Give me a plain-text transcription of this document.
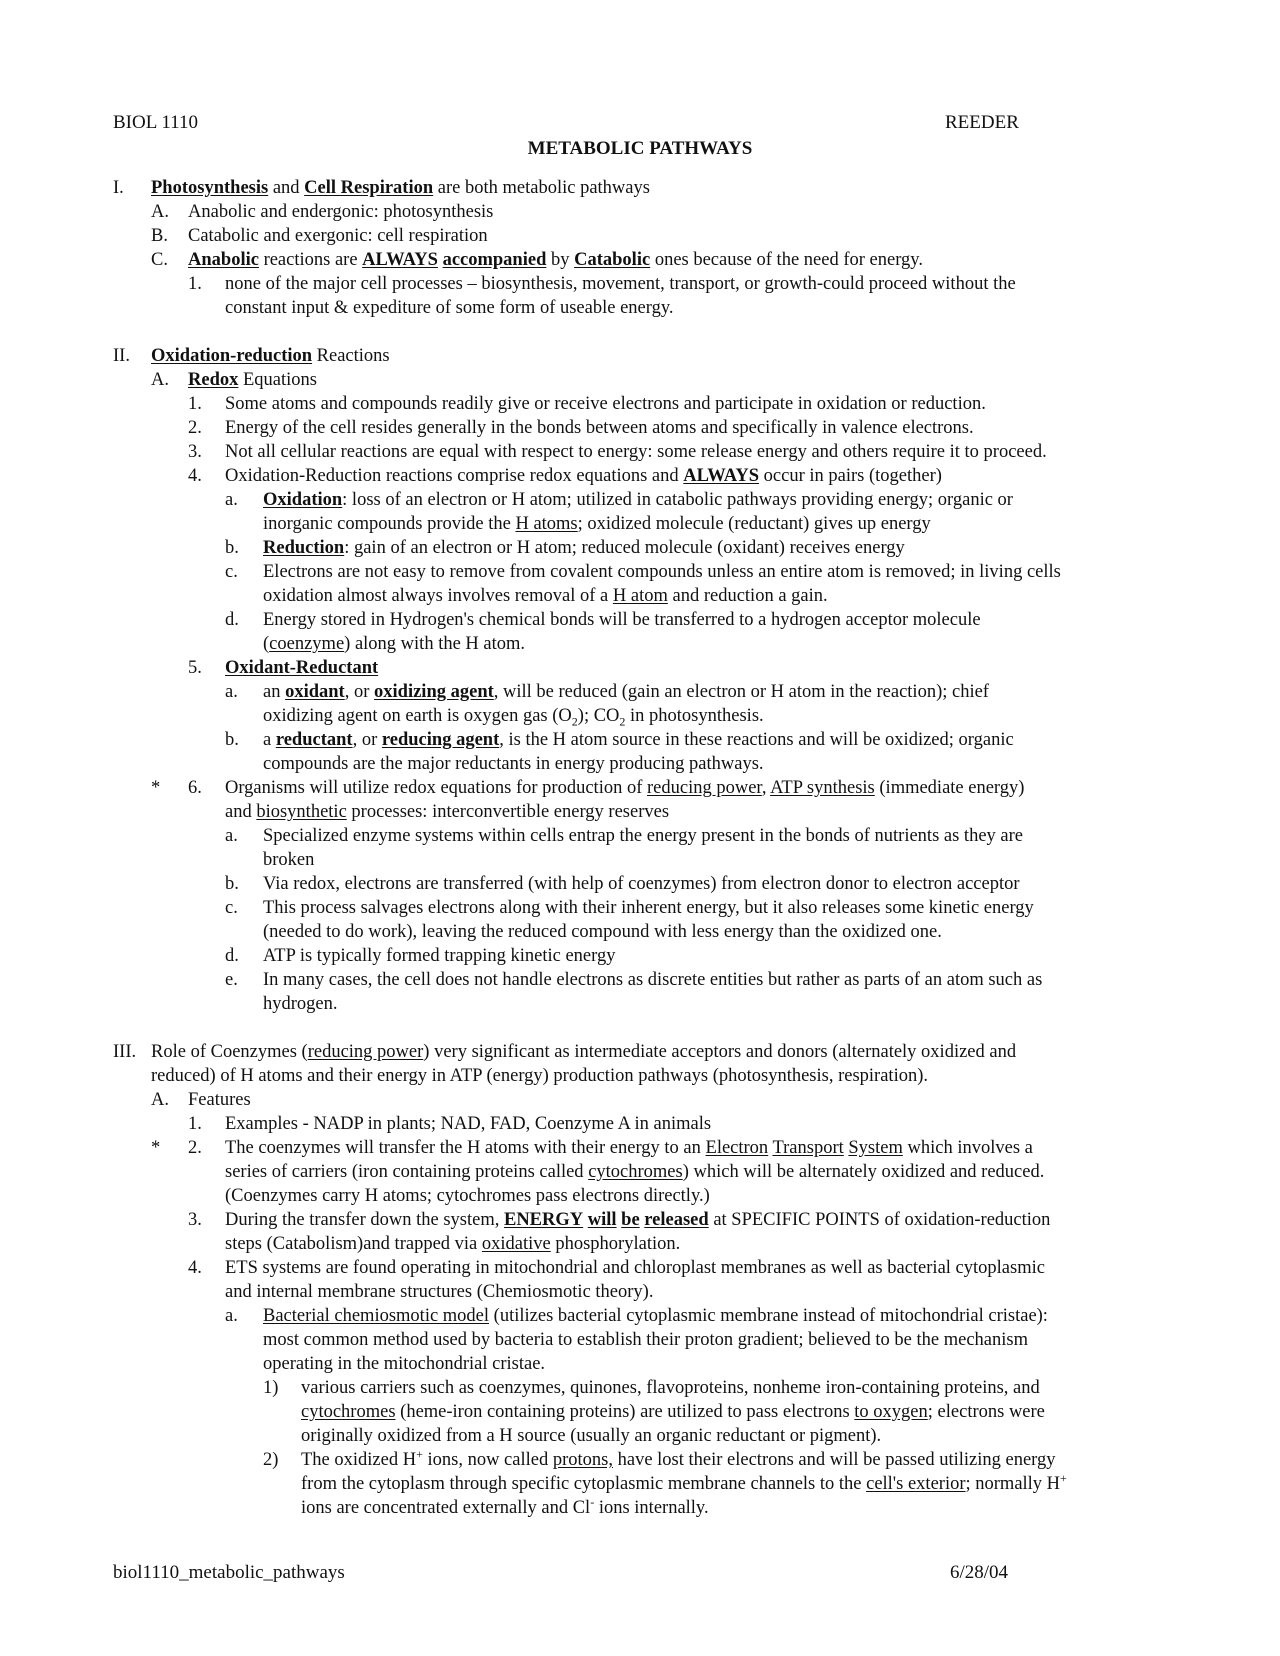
BIOL 1110	REEDER
METABOLIC PATHWAYS
I. Photosynthesis and Cell Respiration are both metabolic pathways
A. Anabolic and endergonic: photosynthesis
B. Catabolic and exergonic: cell respiration
C. Anabolic reactions are ALWAYS accompanied by Catabolic ones because of the need for energy.
1. none of the major cell processes – biosynthesis, movement, transport, or growth-could proceed without the
constant input & expediture of some form of useable energy.
II. Oxidation-reduction Reactions
A. Redox Equations
1. Some atoms and compounds readily give or receive electrons and participate in oxidation or reduction.
2. Energy of the cell resides generally in the bonds between atoms and specifically in valence electrons.
3. Not all cellular reactions are equal with respect to energy: some release energy and others require it to proceed.
4. Oxidation-Reduction reactions comprise redox equations and ALWAYS occur in pairs (together)
a. Oxidation: loss of an electron or H atom; utilized in catabolic pathways providing energy; organic or
inorganic compounds provide the H atoms; oxidized molecule (reductant) gives up energy
b. Reduction: gain of an electron or H atom; reduced molecule (oxidant) receives energy
c. Electrons are not easy to remove from covalent compounds unless an entire atom is removed; in living cells
oxidation almost always involves removal of a H atom and reduction a gain.
d. Energy stored in Hydrogen's chemical bonds will be transferred to a hydrogen acceptor molecule
(coenzyme) along with the H atom.
5. Oxidant-Reductant
a. an oxidant, or oxidizing agent, will be reduced (gain an electron or H atom in the reaction); chief
oxidizing agent on earth is oxygen gas $(O_2)$; $CO_2$ in photosynthesis.
b. a reductant, or reducing agent, is the H atom source in these reactions and will be oxidized; organic
compounds are the major reductants in energy producing pathways.
* 6. Organisms will utilize redox equations for production of reducing power, ATP synthesis (immediate energy)
and biosynthetic processes: interconvertible energy reserves
a. Specialized enzyme systems within cells entrap the energy present in the bonds of nutrients as they are
broken
b. Via redox, electrons are transferred (with help of coenzymes) from electron donor to electron acceptor
c. This process salvages electrons along with their inherent energy, but it also releases some kinetic energy
(needed to do work), leaving the reduced compound with less energy than the oxidized one.
d. ATP is typically formed trapping kinetic energy
e. In many cases, the cell does not handle electrons as discrete entities but rather as parts of an atom such as
hydrogen.
III. Role of Coenzymes (reducing power) very significant as intermediate acceptors and donors (alternately oxidized and
reduced) of H atoms and their energy in ATP (energy) production pathways (photosynthesis, respiration).
A. Features
1. Examples - NADP in plants; NAD, FAD, Coenzyme A in animals
* 2. The coenzymes will transfer the H atoms with their energy to an Electron Transport System which involves a
series of carriers (iron containing proteins called cytochromes) which will be alternately oxidized and reduced.
(Coenzymes carry H atoms; cytochromes pass electrons directly.)
3. During the transfer down the system, ENERGY will be released at SPECIFIC POINTS of oxidation-reduction
steps (Catabolism)and trapped via oxidative phosphorylation.
4. ETS systems are found operating in mitochondrial and chloroplast membranes as well as bacterial cytoplasmic
and internal membrane structures (Chemiosmotic theory).
a. Bacterial chemiosmotic model (utilizes bacterial cytoplasmic membrane instead of mitochondrial cristae):
most common method used by bacteria to establish their proton gradient; believed to be the mechanism
operating in the mitochondrial cristae.
1) various carriers such as coenzymes, quinones, flavoproteins, nonheme iron-containing proteins, and
cytochromes (heme-iron containing proteins) are utilized to pass electrons to oxygen; electrons were
originally oxidized from a H source (usually an organic reductant or pigment).
2) The oxidized H+ ions, now called protons, have lost their electrons and will be passed utilizing energy
from the cytoplasm through specific cytoplasmic membrane channels to the cell's exterior; normally H+
ions are concentrated externally and Cl- ions internally.
biol1110_metabolic_pathways	6/28/04
